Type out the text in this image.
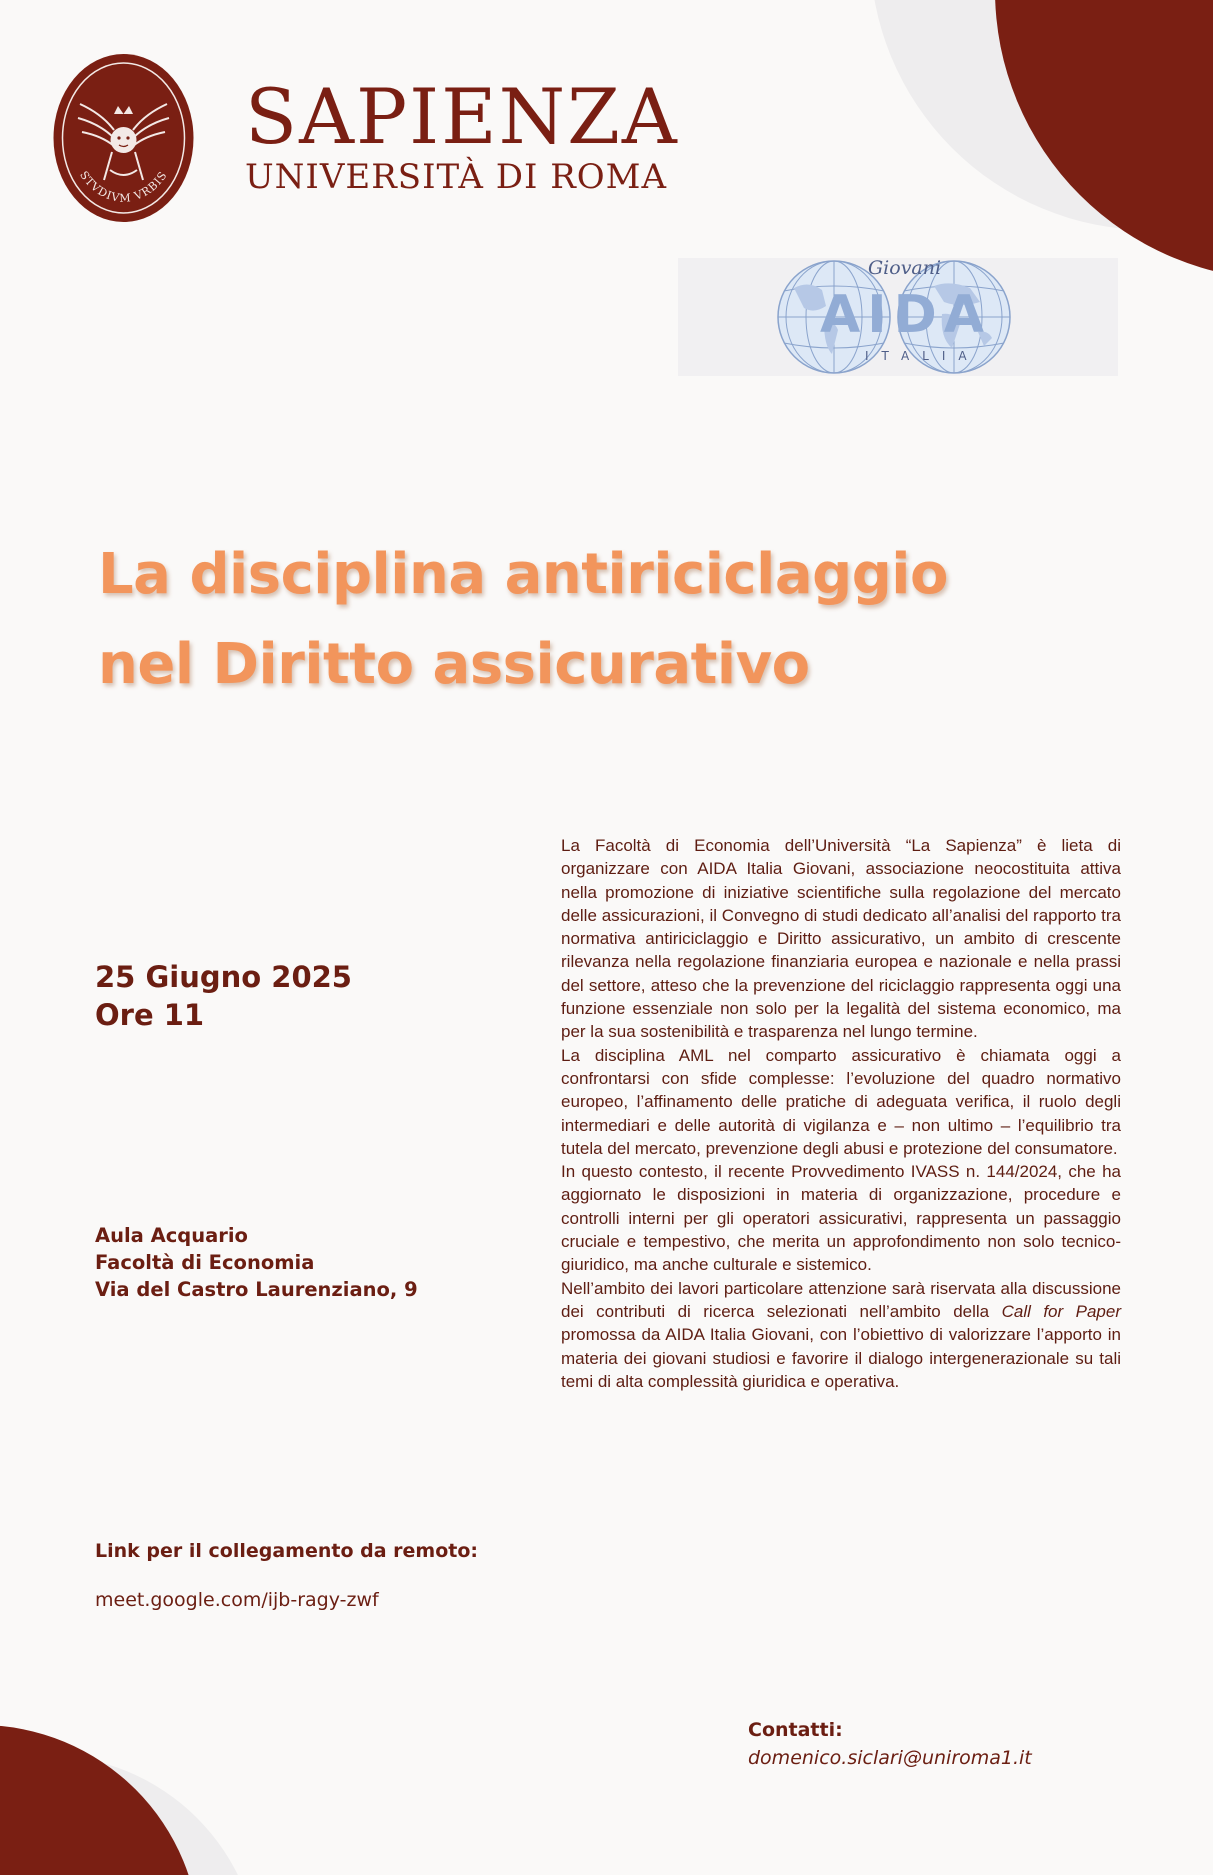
STVDIVM VRBIS
SAPIENZA
UNIVERSITÀ DI ROMA
Giovani
AIDA
ITALIA
La disciplina antiriciclaggio
nel Diritto assicurativo
25 Giugno 2025
Ore 11
Aula Acquario
Facoltà di Economia
Via del Castro Laurenziano, 9
Link per il collegamento da remoto:
meet.google.com/ijb-ragy-zwf

La Facoltà di Economia dell’Università “La Sapienza” è lieta di organizzare con AIDA Italia Giovani, associazione neocostituita attiva nella promozione di iniziative scientifiche sulla regolazione del mercato delle assicurazioni, il Convegno di studi dedicato all’analisi del rapporto tra normativa antiriciclaggio e Diritto assicurativo, un ambito di crescente rilevanza nella regolazione finanziaria europea e nazionale e nella prassi del settore, atteso che la prevenzione del riciclaggio rappresenta oggi una funzione essenziale non solo per la legalità del sistema economico, ma per la sua sostenibilità e trasparenza nel lungo termine.

La disciplina AML nel comparto assicurativo è chiamata oggi a confrontarsi con sfide complesse: l’evoluzione del quadro normativo europeo, l’affinamento delle pratiche di adeguata verifica, il ruolo degli intermediari e delle autorità di vigilanza e – non ultimo – l’equilibrio tra tutela del mercato, prevenzione degli abusi e protezione del consumatore.

In questo contesto, il recente Provvedimento IVASS n. 144/2024, che ha aggiornato le disposizioni in materia di organizzazione, procedure e controlli interni per gli operatori assicurativi, rappresenta un passaggio cruciale e tempestivo, che merita un approfondimento non solo tecnico-giuridico, ma anche culturale e sistemico.

Nell’ambito dei lavori particolare attenzione sarà riservata alla discussione dei contributi di ricerca selezionati nell’ambito della Call for Paper promossa da AIDA Italia Giovani, con l’obiettivo di valorizzare l’apporto in materia dei giovani studiosi e favorire il dialogo intergenerazionale su tali temi di alta complessità giuridica e operativa.

Contatti:
domenico.siclari@uniroma1.it
